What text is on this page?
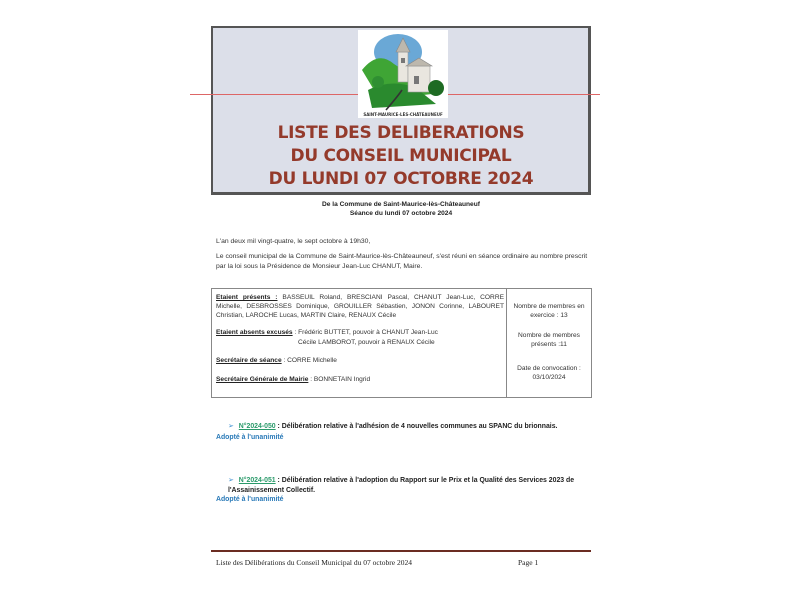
SAINT-MAURICE-LÈS-CHÂTEAUNEUF
LISTE DES DELIBERATIONS
DU CONSEIL MUNICIPAL
DU LUNDI 07 OCTOBRE 2024
De la Commune de Saint-Maurice-lès-Châteauneuf
Séance du lundi 07 octobre 2024
L'an deux mil vingt-quatre, le sept octobre à 19h30,
Le conseil municipal de la Commune de Saint-Maurice-lès-Châteauneuf, s'est réuni en séance ordinaire au nombre prescrit par la loi sous la Présidence de Monsieur Jean-Luc CHANUT, Maire.
Etaient présents : BASSEUIL Roland, BRESCIANI Pascal, CHANUT Jean-Luc, CORRE Michelle, DESBROSSES Dominique, GROUILLER Sébastien, JONON Corinne, LABOURET Christian, LAROCHE Lucas, MARTIN Claire, RENAUX Cécile
Etaient absents excusés : Frédéric BUTTET, pouvoir à CHANUT Jean-Luc
Cécile LAMBOROT, pouvoir à RENAUX Cécile
Secrétaire de séance : CORRE Michelle
Secrétaire Générale de Mairie : BONNETAIN Ingrid
Nombre de membres en exercice : 13
Nombre de membres présents :11
Date de convocation :
03/10/2024
➢ N°2024-050 : Délibération relative à l'adhésion de 4 nouvelles communes au SPANC du brionnais.
Adopté à l'unanimité
➢ N°2024-051 : Délibération relative à l'adoption du Rapport sur le Prix et la Qualité des Services 2023 de l'Assainissement Collectif.
Adopté à l'unanimité
Liste des Délibérations du Conseil Municipal du 07 octobre 2024	Page 1
